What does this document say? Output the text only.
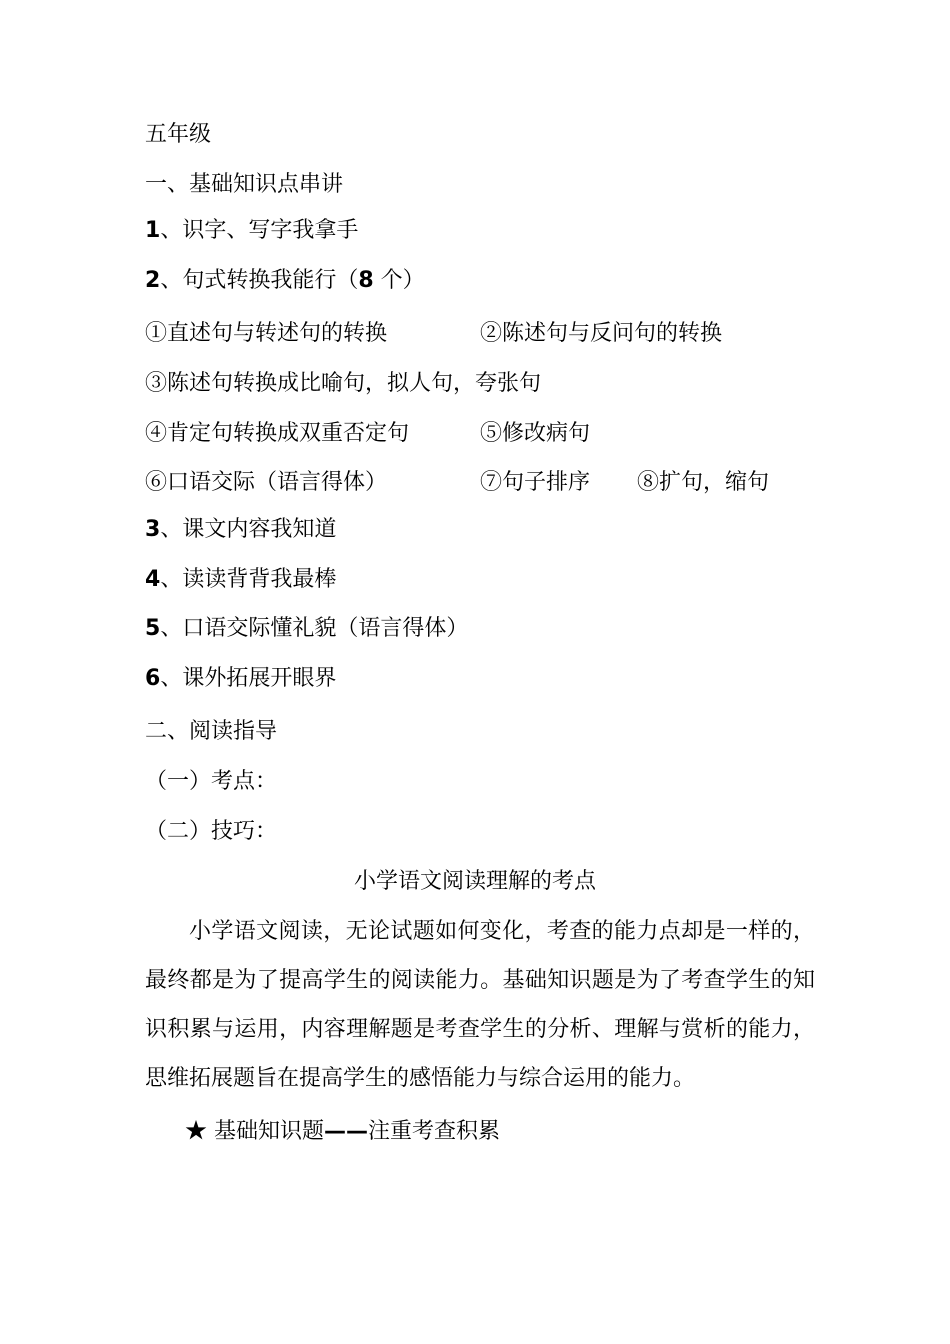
五年级
一、基础知识点串讲
1、识字、写字我拿手
2、句式转换我能行（8 个）
①直述句与转述句的转换	②陈述句与反问句的转换
③陈述句转换成比喻句，拟人句，夸张句
④肯定句转换成双重否定句	⑤修改病句
⑥口语交际（语言得体）	⑦句子排序 ⑧扩句，缩句
3、课文内容我知道
4、读读背背我最棒
5、口语交际懂礼貌（语言得体）
6、课外拓展开眼界
二、阅读指导
（一）考点：
（二）技巧：
小学语文阅读理解的考点
小学语文阅读，无论试题如何变化，考查的能力点却是一样的，最终都是为了提高学生的阅读能力。基础知识题是为了考查学生的知识积累与运用，内容理解题是考查学生的分析、理解与赏析的能力，思维拓展题旨在提高学生的感悟能力与综合运用的能力。
★ 基础知识题——注重考查积累
